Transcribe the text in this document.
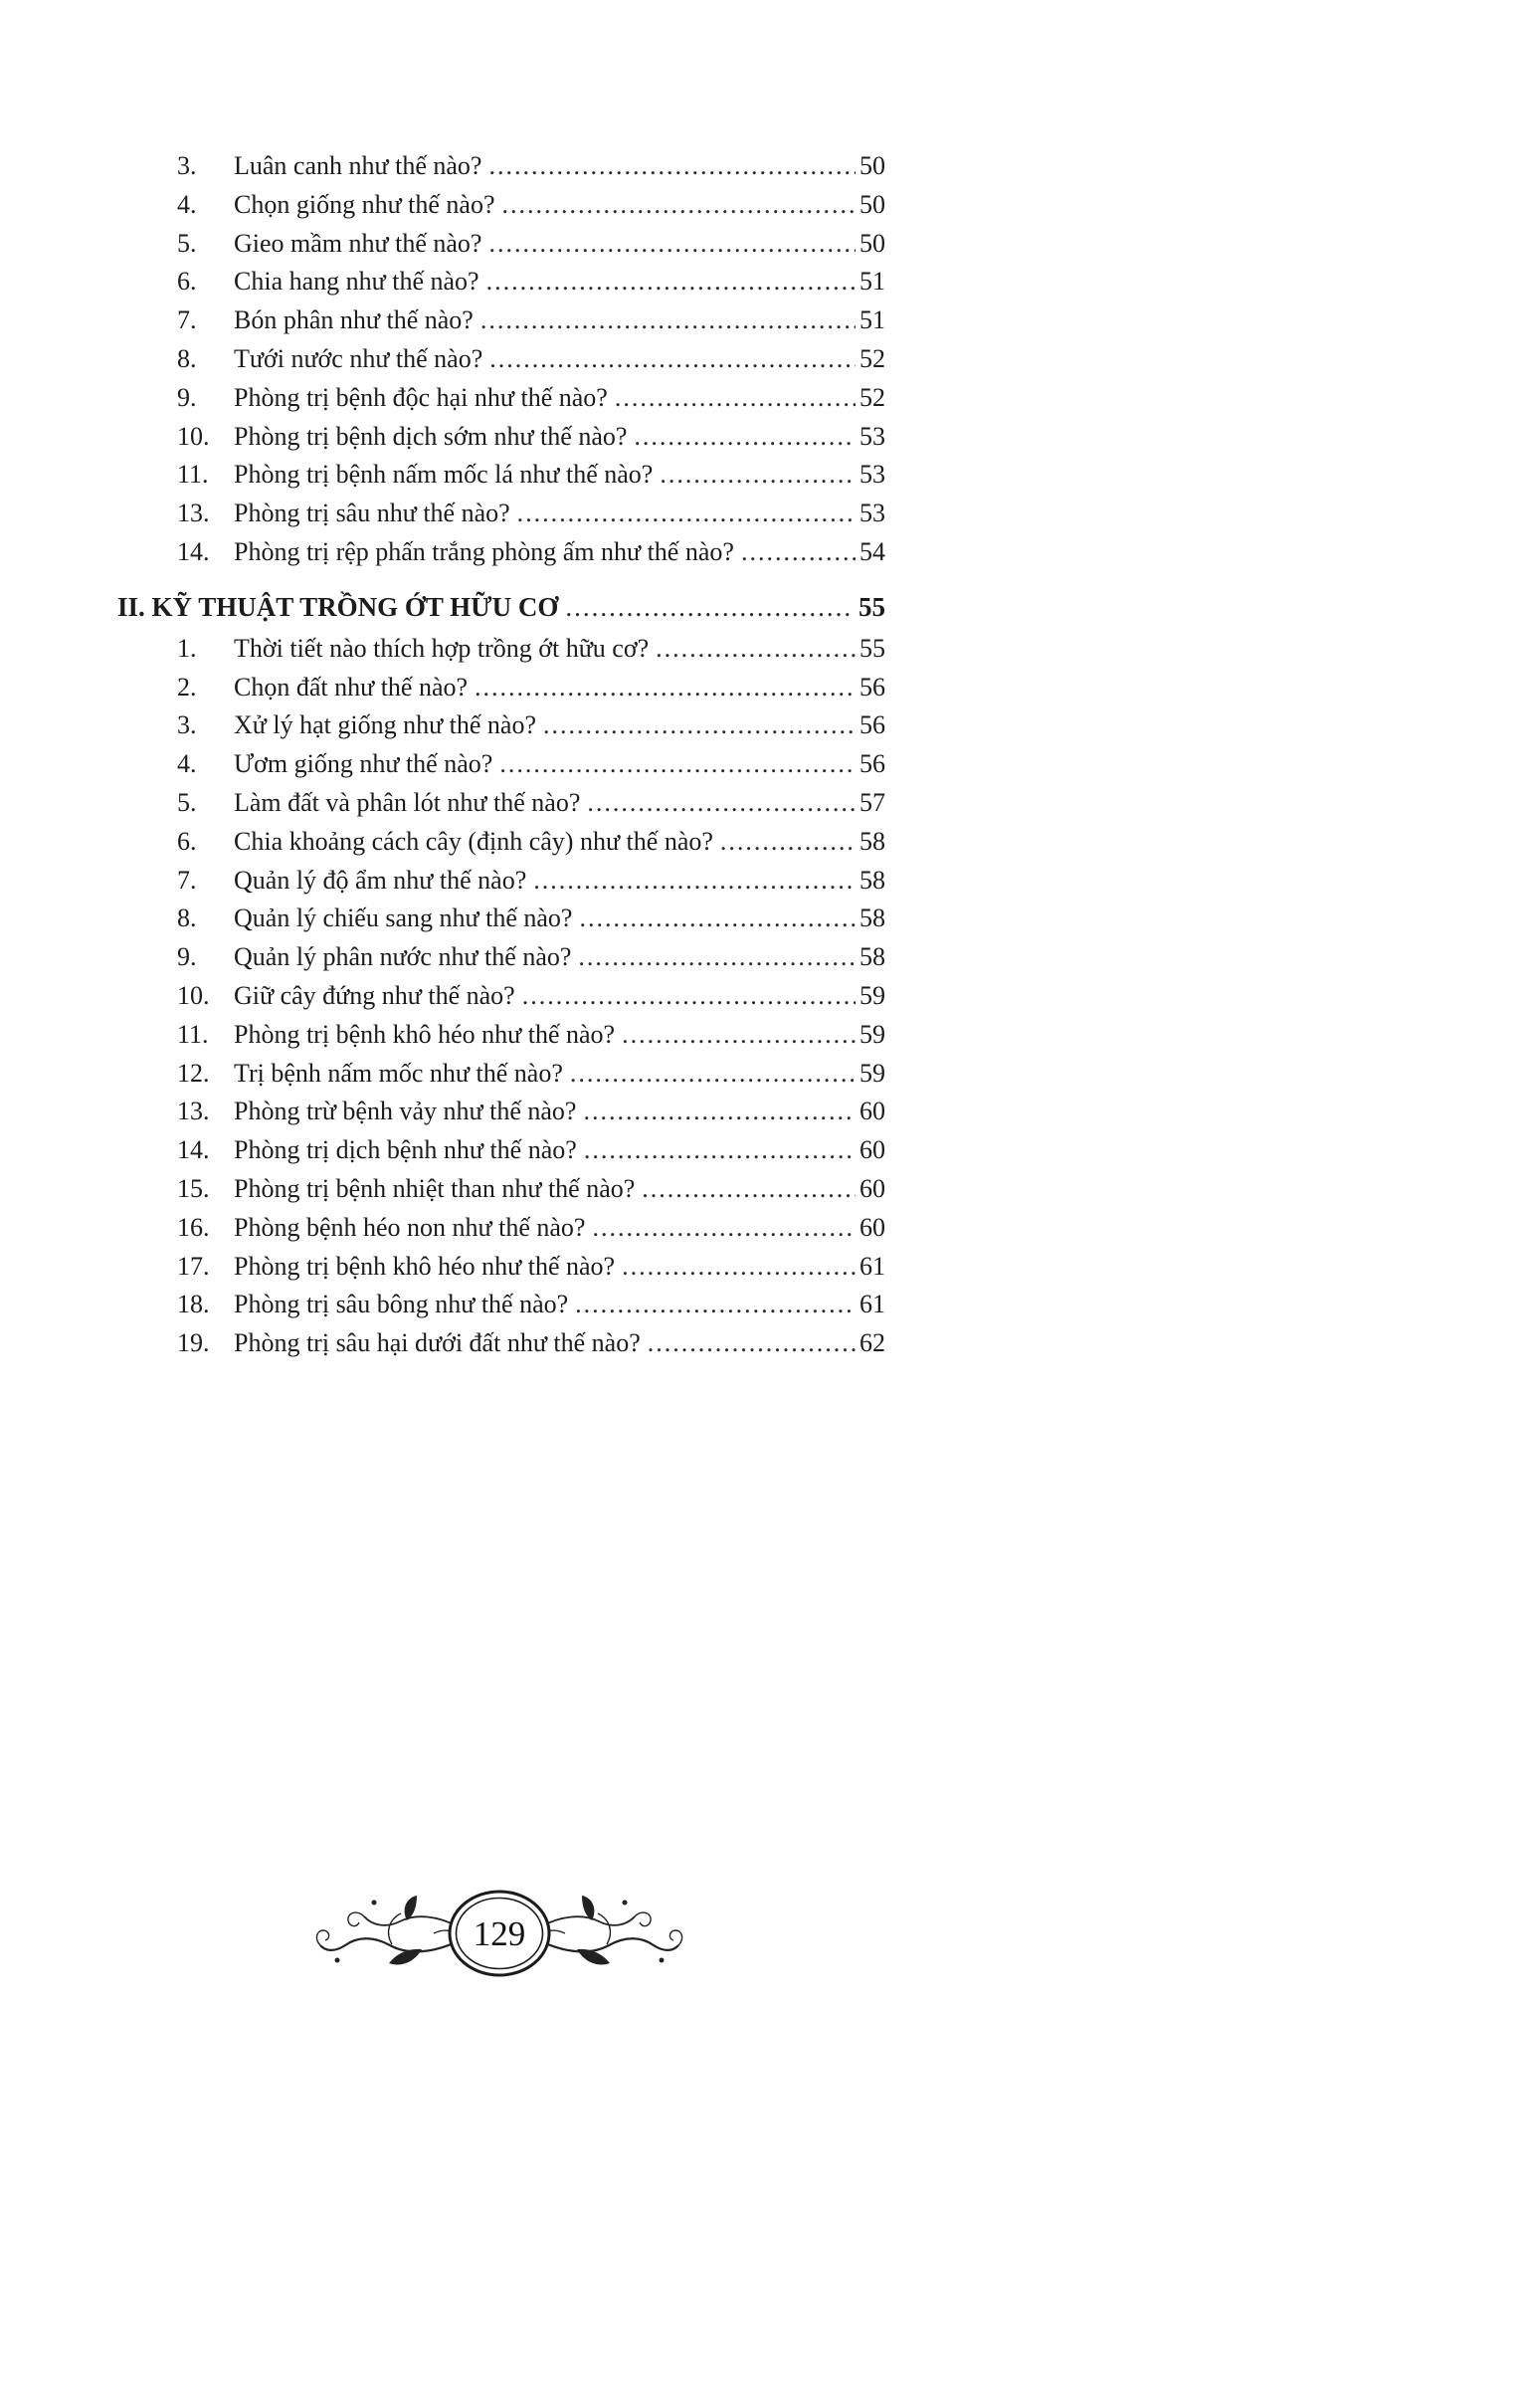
3.	Luân canh như thế nào? .....	50
4.	Chọn giống như thế nào? .....	50
5.	Gieo mầm như thế nào? .....	50
6.	Chia hang như thế nào? .....	51
7.	Bón phân như thế nào? .....	51
8.	Tưới nước như thế nào? .....	52
9.	Phòng trị bệnh độc hại như thế nào? .....	52
10. Phòng trị bệnh dịch sớm như thế nào? .....	53
11. Phòng trị bệnh nấm mốc lá như thế nào? .....	53
13. Phòng trị sâu như thế nào? .....	53
14. Phòng trị rệp phấn trắng phòng ấm như thế nào? .....	54
II. KỸ THUẬT TRỒNG ỚT HỮU CƠ .....	55
1.	Thời tiết nào thích hợp trồng ớt hữu cơ? .....	55
2.	Chọn đất như thế nào? .....	56
3.	Xử lý hạt giống như thế nào? .....	56
4.	Ươm giống như thế nào? .....	56
5.	Làm đất và phân lót như thế nào? .....	57
6.	Chia khoảng cách cây (định cây) như thế nào? .....	58
7.	Quản lý độ ẩm như thế nào? .....	58
8.	Quản lý chiếu sang như thế nào? .....	58
9.	Quản lý phân nước như thế nào? .....	58
10. Giữ cây đứng như thế nào? .....	59
11. Phòng trị bệnh khô héo như thế nào? .....	59
12. Trị bệnh nấm mốc như thế nào? .....	59
13. Phòng trừ bệnh vảy như thế nào? .....	60
14. Phòng trị dịch bệnh như thế nào? .....	60
15. Phòng trị bệnh nhiệt than như thế nào? .....	60
16. Phòng bệnh héo non như thế nào? .....	60
17. Phòng trị bệnh khô héo như thế nào? .....	61
18. Phòng trị sâu bông như thế nào? .....	61
19. Phòng trị sâu hại dưới đất như thế nào? .....	62
129
